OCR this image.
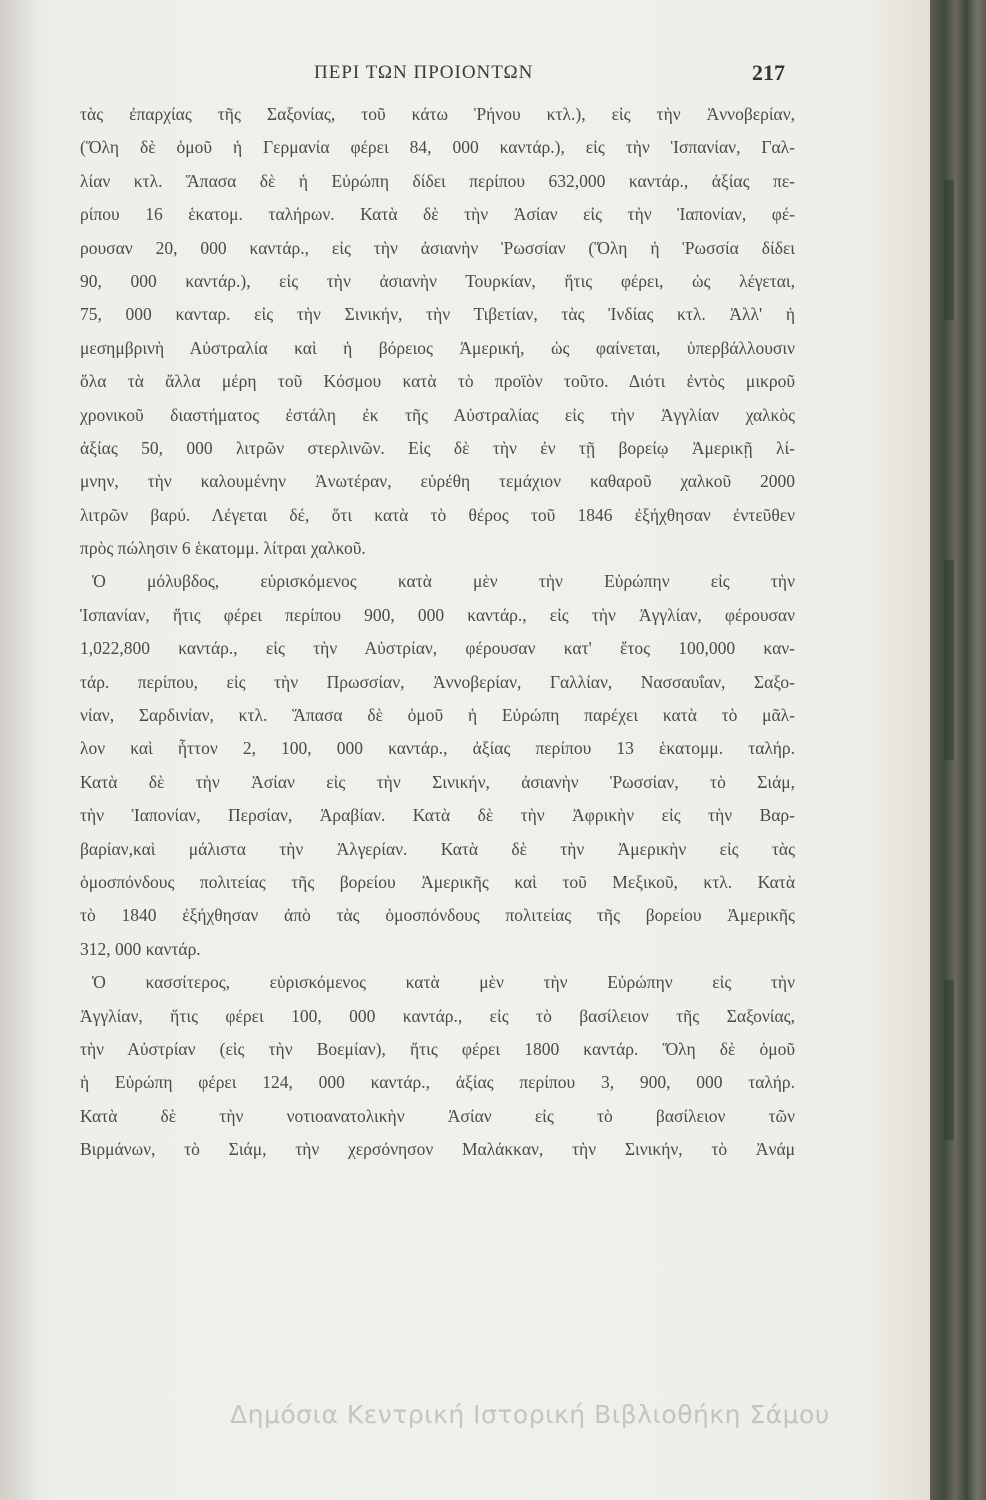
ΠΕΡΙ ΤΩΝ ΠΡΟΙΟΝΤΩΝ	217
τὰς ἐπαρχίας τῆς Σαξονίας, τοῦ κάτω Ῥήνου κτλ.), εἰς τὴν Ἀννοβερίαν,
(Ὅλη δὲ ὁμοῦ ἡ Γερμανία φέρει 84, 000 καντάρ.), εἰς τὴν Ἱσπανίαν, Γαλ-
λίαν κτλ. Ἅπασα δὲ ἡ Εὐρώπη δίδει περίπου 632,000 καντάρ., ἀξίας πε-
ρίπου 16 ἑκατομ. ταλήρων. Κατὰ δὲ τὴν Ἀσίαν εἰς τὴν Ἰαπονίαν, φέ-
ρουσαν 20, 000 καντάρ., εἰς τὴν ἀσιανὴν Ῥωσσίαν (Ὅλη ἡ Ῥωσσία δίδει
90, 000 καντάρ.), εἰς τὴν ἀσιανὴν Τουρκίαν, ἥτις φέρει, ὡς λέγεται,
75, 000 κανταρ. εἰς τὴν Σινικήν, τὴν Τιβετίαν, τὰς Ἰνδίας κτλ. Ἀλλ' ἡ
μεσημβρινὴ Αὐστραλία καὶ ἡ βόρειος Ἀμερική, ὡς φαίνεται, ὑπερβάλλουσιν
ὅλα τὰ ἄλλα μέρη τοῦ Κόσμου κατὰ τὸ προϊὸν τοῦτο. Διότι ἐντὸς μικροῦ
χρονικοῦ διαστήματος ἐστάλη ἐκ τῆς Αὐστραλίας εἰς τὴν Ἀγγλίαν χαλκὸς
ἀξίας 50, 000 λιτρῶν στερλινῶν. Εἰς δὲ τὴν ἐν τῇ βορείῳ Ἀμερικῇ λί-
μνην, τὴν καλουμένην Ἀνωτέραν, εὑρέθη τεμάχιον καθαροῦ χαλκοῦ 2000
λιτρῶν βαρύ. Λέγεται δέ, ὅτι κατὰ τὸ θέρος τοῦ 1846 ἐξήχθησαν ἐντεῦθεν
πρὸς πώλησιν 6 ἑκατομμ. λίτραι χαλκοῦ.
Ὁ μόλυβδος, εὑρισκόμενος κατὰ μὲν τὴν Εὐρώπην εἰς τὴν
Ἱσπανίαν, ἥτις φέρει περίπου 900, 000 καντάρ., εἰς τὴν Ἀγγλίαν, φέρουσαν
1,022,800 καντάρ., εἰς τὴν Αὐστρίαν, φέρουσαν κατ' ἔτος 100,000 καν-
τάρ. περίπου, εἰς τὴν Πρωσσίαν, Ἀννοβερίαν, Γαλλίαν, Νασσαυΐαν, Σαξο-
νίαν, Σαρδινίαν, κτλ. Ἅπασα δὲ ὁμοῦ ἡ Εὐρώπη παρέχει κατὰ τὸ μᾶλ-
λον καὶ ἧττον 2, 100, 000 καντάρ., ἀξίας περίπου 13 ἑκατομμ. ταλήρ.
Κατὰ δὲ τὴν Ἀσίαν εἰς τὴν Σινικήν, ἀσιανὴν Ῥωσσίαν, τὸ Σιάμ,
τὴν Ἰαπονίαν, Περσίαν, Ἀραβίαν. Κατὰ δὲ τὴν Ἀφρικὴν εἰς τὴν Βαρ-
βαρίαν,καὶ μάλιστα τὴν Ἀλγερίαν. Κατὰ δὲ τὴν Ἀμερικὴν εἰς τὰς
ὁμοσπόνδους πολιτείας τῆς βορείου Ἀμερικῆς καὶ τοῦ Μεξικοῦ, κτλ. Κατὰ
τὸ 1840 ἐξήχθησαν ἀπὸ τὰς ὁμοσπόνδους πολιτείας τῆς βορείου Ἀμερικῆς
312, 000 καντάρ.
Ὁ κασσίτερος, εὑρισκόμενος κατὰ μὲν τὴν Εὐρώπην εἰς τὴν
Ἀγγλίαν, ἥτις φέρει 100, 000 καντάρ., εἰς τὸ βασίλειον τῆς Σαξονίας,
τὴν Αὐστρίαν (εἰς τὴν Βοεμίαν), ἥτις φέρει 1800 καντάρ. Ὅλη δὲ ὁμοῦ
ἡ Εὐρώπη φέρει 124, 000 καντάρ., ἀξίας περίπου 3, 900, 000 ταλήρ.
Κατὰ δὲ τὴν νοτιοανατολικὴν Ἀσίαν εἰς τὸ βασίλειον τῶν
Βιρμάνων, τὸ Σιάμ, τὴν χερσόνησον Μαλάκκαν, τὴν Σινικήν, τὸ Ἀνάμ
Δημόσια Κεντρική Ιστορική Βιβλιοθήκη Σάμου
